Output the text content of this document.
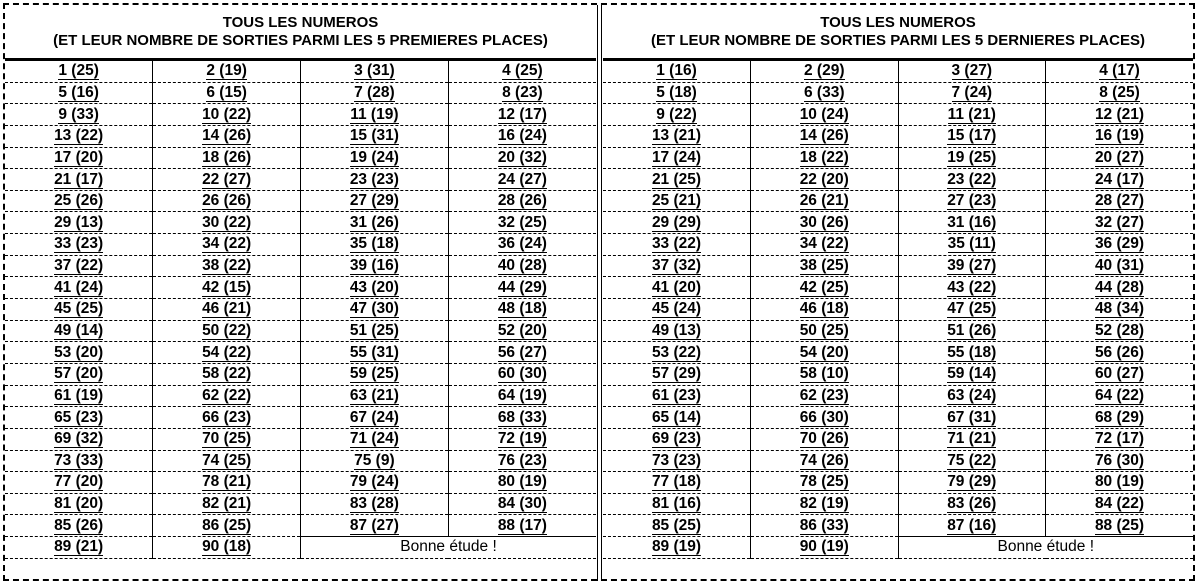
TOUS LES NUMEROS
(ET LEUR NOMBRE DE SORTIES PARMI LES 5 PREMIERES PLACES)
1 (25)	2 (19)	3 (31)	4 (25)
5 (16)	6 (15)	7 (28)	8 (23)
9 (33)	10 (22)	11 (19)	12 (17)
13 (22)	14 (26)	15 (31)	16 (24)
17 (20)	18 (26)	19 (24)	20 (32)
21 (17)	22 (27)	23 (23)	24 (27)
25 (26)	26 (26)	27 (29)	28 (26)
29 (13)	30 (22)	31 (26)	32 (25)
33 (23)	34 (22)	35 (18)	36 (24)
37 (22)	38 (22)	39 (16)	40 (28)
41 (24)	42 (15)	43 (20)	44 (29)
45 (25)	46 (21)	47 (30)	48 (18)
49 (14)	50 (22)	51 (25)	52 (20)
53 (20)	54 (22)	55 (31)	56 (27)
57 (20)	58 (22)	59 (25)	60 (30)
61 (19)	62 (22)	63 (21)	64 (19)
65 (23)	66 (23)	67 (24)	68 (33)
69 (32)	70 (25)	71 (24)	72 (19)
73 (33)	74 (25)	75 (9)	76 (23)
77 (20)	78 (21)	79 (24)	80 (19)
81 (20)	82 (21)	83 (28)	84 (30)
85 (26)	86 (25)	87 (27)	88 (17)
89 (21)	90 (18)	Bonne étude !	
TOUS LES NUMEROS
(ET LEUR NOMBRE DE SORTIES PARMI LES 5 DERNIERES PLACES)
1 (16)	2 (29)	3 (27)	4 (17)
5 (18)	6 (33)	7 (24)	8 (25)
9 (22)	10 (24)	11 (21)	12 (21)
13 (21)	14 (26)	15 (17)	16 (19)
17 (24)	18 (22)	19 (25)	20 (27)
21 (25)	22 (20)	23 (22)	24 (17)
25 (21)	26 (21)	27 (23)	28 (27)
29 (29)	30 (26)	31 (16)	32 (27)
33 (22)	34 (22)	35 (11)	36 (29)
37 (32)	38 (25)	39 (27)	40 (31)
41 (20)	42 (25)	43 (22)	44 (28)
45 (24)	46 (18)	47 (25)	48 (34)
49 (13)	50 (25)	51 (26)	52 (28)
53 (22)	54 (20)	55 (18)	56 (26)
57 (29)	58 (10)	59 (14)	60 (27)
61 (23)	62 (23)	63 (24)	64 (22)
65 (14)	66 (30)	67 (31)	68 (29)
69 (23)	70 (26)	71 (21)	72 (17)
73 (23)	74 (26)	75 (22)	76 (30)
77 (18)	78 (25)	79 (29)	80 (19)
81 (16)	82 (19)	83 (26)	84 (22)
85 (25)	86 (33)	87 (16)	88 (25)
89 (19)	90 (19)	Bonne étude !	
